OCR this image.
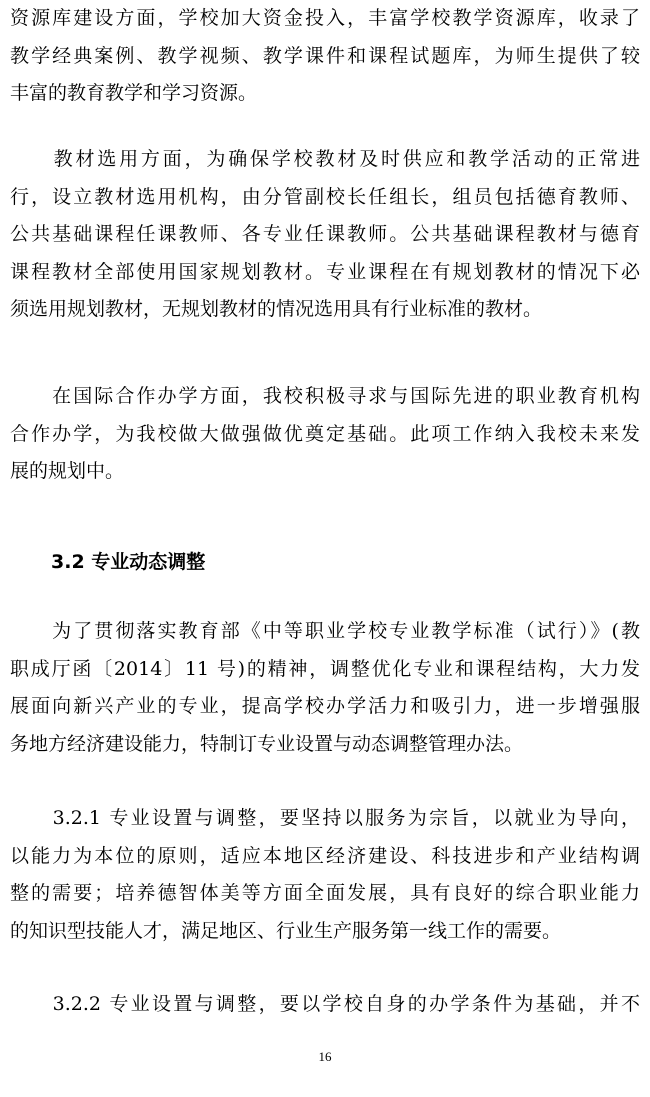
资源库建设方面，学校加大资金投入，丰富学校教学资源库，收录了
教学经典案例、教学视频、教学课件和课程试题库，为师生提供了较
丰富的教育教学和学习资源。
　　教材选用方面，为确保学校教材及时供应和教学活动的正常进
行，设立教材选用机构，由分管副校长任组长，组员包括德育教师、
公共基础课程任课教师、各专业任课教师。公共基础课程教材与德育
课程教材全部使用国家规划教材。专业课程在有规划教材的情况下必
须选用规划教材，无规划教材的情况选用具有行业标准的教材。
　　在国际合作办学方面，我校积极寻求与国际先进的职业教育机构
合作办学，为我校做大做强做优奠定基础。此项工作纳入我校未来发
展的规划中。
3.2 专业动态调整
　　为了贯彻落实教育部《中等职业学校专业教学标准（试行）》(教
职成厅函〔2014〕11 号)的精神，调整优化专业和课程结构，大力发
展面向新兴产业的专业，提高学校办学活力和吸引力，进一步增强服
务地方经济建设能力，特制订专业设置与动态调整管理办法。
　　3.2.1 专业设置与调整，要坚持以服务为宗旨，以就业为导向，
以能力为本位的原则，适应本地区经济建设、科技进步和产业结构调
整的需要；培养德智体美等方面全面发展，具有良好的综合职业能力
的知识型技能人才，满足地区、行业生产服务第一线工作的需要。
　　3.2.2 专业设置与调整，要以学校自身的办学条件为基础，并不
16
